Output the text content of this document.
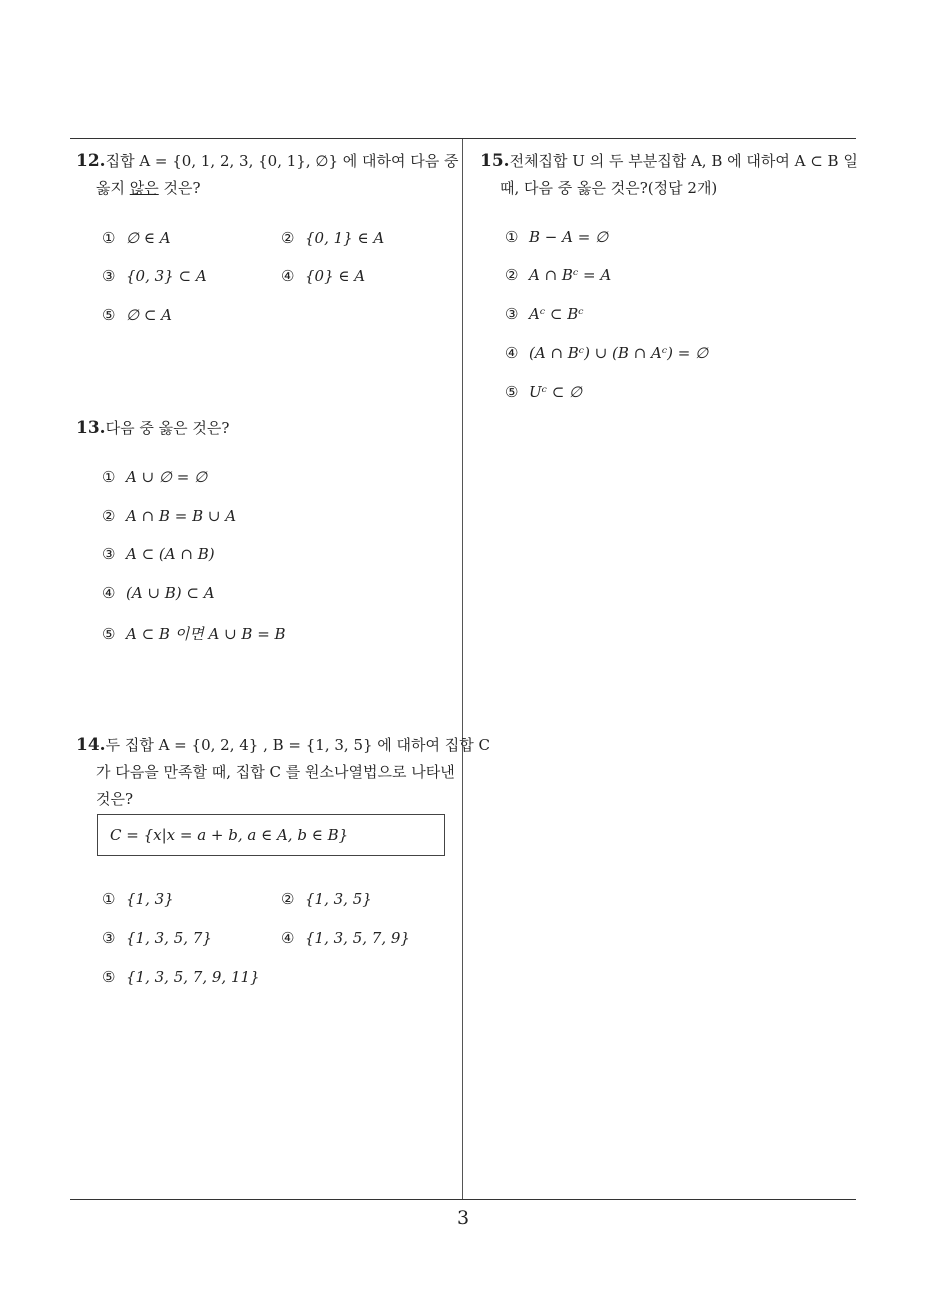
12.집합 A = {0, 1, 2, 3, {0, 1}, ∅} 에 대하여 다음 중
옳지 않은 것은?
① ∅ ∈ A	② {0, 1} ∈ A
③ {0, 3} ⊂ A	④ {0} ∈ A
⑤ ∅ ⊂ A
13.다음 중 옳은 것은?
① A ∪ ∅ = ∅
② A ∩ B = B ∪ A
③ A ⊂ (A ∩ B)
④ (A ∪ B) ⊂ A
⑤ A ⊂ B 이면 A ∪ B = B
14.두 집합 A = {0, 2, 4} , B = {1, 3, 5} 에 대하여 집합 C
가 다음을 만족할 때, 집합 C 를 원소나열법으로 나타낸
것은?
C = {x|x = a + b, a ∈ A, b ∈ B}
① {1, 3}	② {1, 3, 5}
③ {1, 3, 5, 7}	④ {1, 3, 5, 7, 9}
⑤ {1, 3, 5, 7, 9, 11}
15.전체집합 U 의 두 부분집합 A, B 에 대하여 A ⊂ B 일
때, 다음 중 옳은 것은?(정답 2개)
① B − A = ∅
② A ∩ Bᶜ = A
③ Aᶜ ⊂ Bᶜ
④ (A ∩ Bᶜ) ∪ (B ∩ Aᶜ) = ∅
⑤ Uᶜ ⊂ ∅
3
